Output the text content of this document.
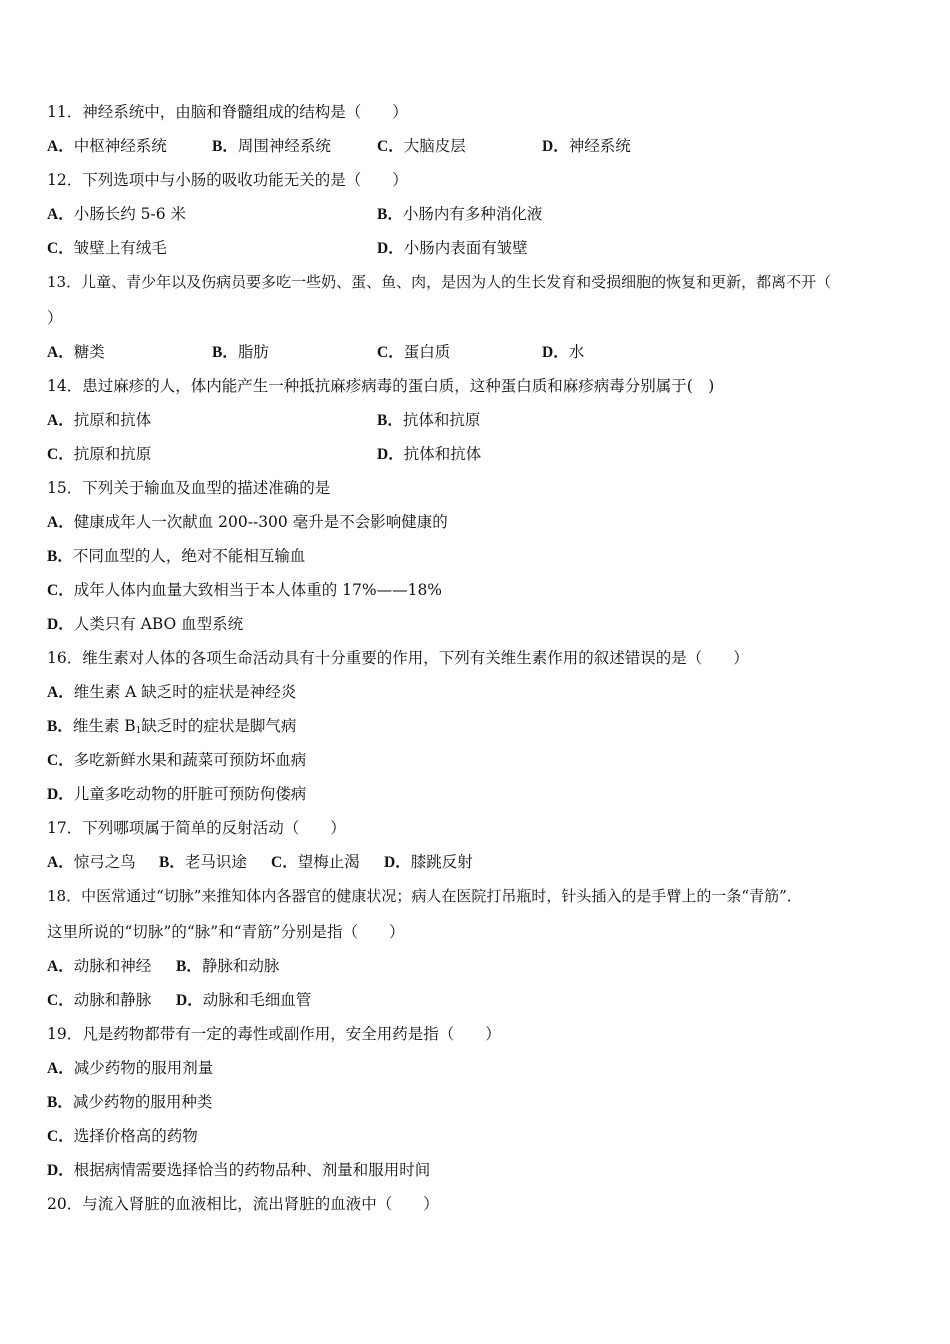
11．神经系统中，由脑和脊髓组成的结构是（　　）
A．中枢神经系统	B．周围神经系统	C．大脑皮层	D．神经系统
12．下列选项中与小肠的吸收功能无关的是（　　）
A．小肠长约 5-6 米	B．小肠内有多种消化液
C．皱壁上有绒毛	D．小肠内表面有皱壁
13．儿童、青少年以及伤病员要多吃一些奶、蛋、鱼、肉，是因为人的生长发育和受损细胞的恢复和更新，都离不开（
）
A．糖类	B．脂肪	C．蛋白质	D．水
14．患过麻疹的人，体内能产生一种抵抗麻疹病毒的蛋白质，这种蛋白质和麻疹病毒分别属于(　)
A．抗原和抗体	B．抗体和抗原
C．抗原和抗原	D．抗体和抗体
15．下列关于输血及血型的描述准确的是
A．健康成年人一次献血 200--300 毫升是不会影响健康的
B．不同血型的人，绝对不能相互输血
C．成年人体内血量大致相当于本人体重的 17%——18%
D．人类只有 ABO 血型系统
16．维生素对人体的各项生命活动具有十分重要的作用，下列有关维生素作用的叙述错误的是（　　）
A．维生素 A 缺乏时的症状是神经炎
B．维生素 $B_1$缺乏时的症状是脚气病
C．多吃新鲜水果和蔬菜可预防坏血病
D．儿童多吃动物的肝脏可预防佝偻病
17．下列哪项属于简单的反射活动（　　）
A．惊弓之鸟 B．老马识途 C．望梅止渴 D．膝跳反射
18．中医常通过“切脉”来推知体内各器官的健康状况；病人在医院打吊瓶时，针头插入的是手臂上的一条“青筋”．
这里所说的“切脉”的“脉”和“青筋”分别是指（　　）
A．动脉和神经 B．静脉和动脉
C．动脉和静脉 D．动脉和毛细血管
19．凡是药物都带有一定的毒性或副作用，安全用药是指（　　）
A．减少药物的服用剂量
B．减少药物的服用种类
C．选择价格高的药物
D．根据病情需要选择恰当的药物品种、剂量和服用时间
20．与流入肾脏的血液相比，流出肾脏的血液中（　　）
